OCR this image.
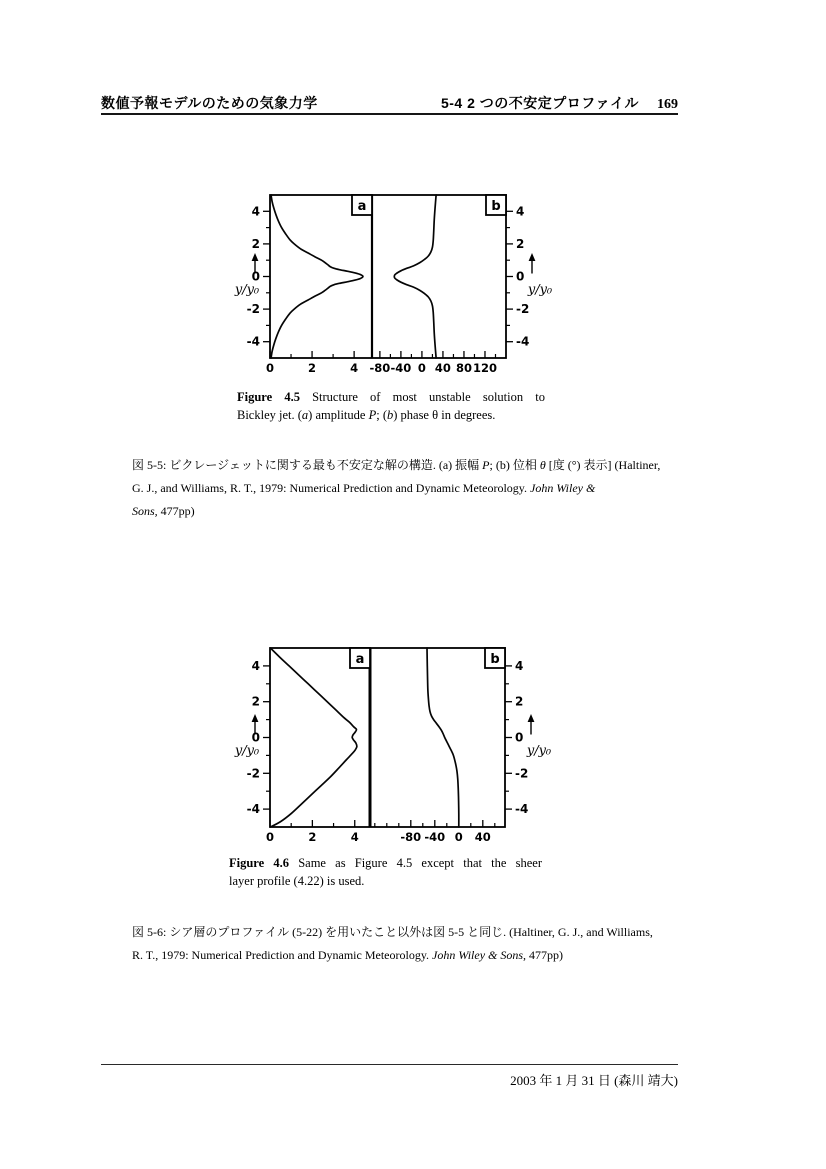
数値予報モデルのための気象力学	5-4 2 つの不安定プロファイル 169
-4	-4
-2	-2
0	0
2	2
4	4
0	2	4
a
-80 -40 0 40 80 120
b
y/y₀	y/y₀
Figure 4.5 Structure of most unstable solution to
Bickley jet. (a) amplitude P; (b) phase θ in degrees.
図 5-5: ビクレージェットに関する最も不安定な解の構造. (a) 振幅 P; (b) 位相 θ [度 (°) 表示] (Haltiner,
G. J., and Williams, R. T., 1979: Numerical Prediction and Dynamic Meteorology. John Wiley &
Sons, 477pp)
-4	-4
-2	-2
0	0
2	2
4	4
0	2	4
a
-80 -40 0 40
b
y/y₀	y/y₀
Figure 4.6 Same as Figure 4.5 except that the sheer
layer profile (4.22) is used.
図 5-6: シア層のプロファイル (5-22) を用いたこと以外は図 5-5 と同じ. (Haltiner, G. J., and Williams,
R. T., 1979: Numerical Prediction and Dynamic Meteorology. John Wiley & Sons, 477pp)
2003 年 1 月 31 日 (森川 靖大)
